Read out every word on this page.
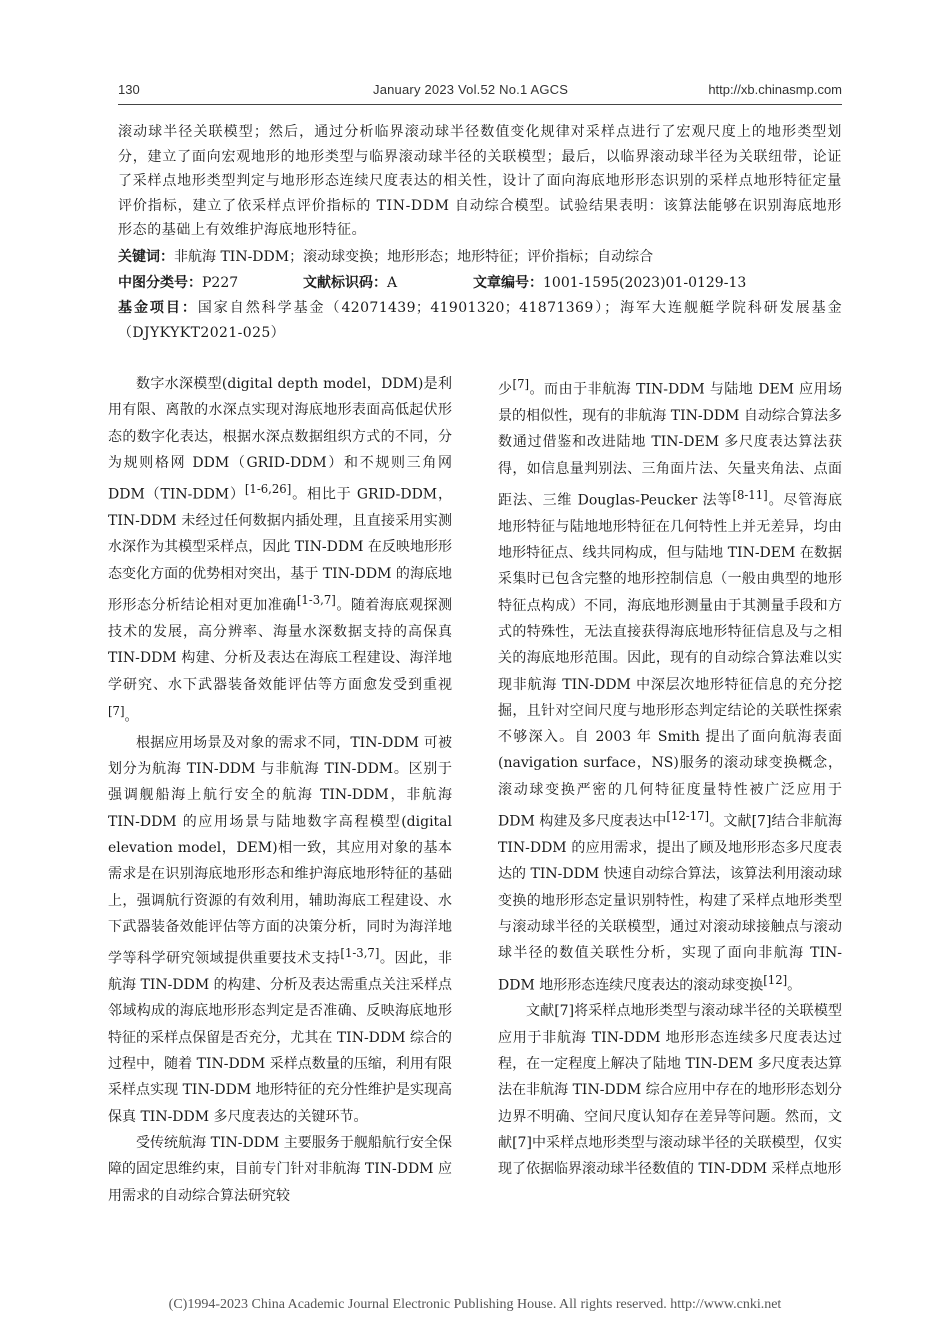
130	January 2023 Vol.52 No.1 AGCS	http://xb.chinasmp.com
滚动球半径关联模型；然后，通过分析临界滚动球半径数值变化规律对采样点进行了宏观尺度上的地形类型划分，建立了面向宏观地形的地形类型与临界滚动球半径的关联模型；最后，以临界滚动球半径为关联纽带，论证了采样点地形类型判定与地形形态连续尺度表达的相关性，设计了面向海底地形形态识别的采样点地形特征定量评价指标，建立了依采样点评价指标的 TIN-DDM 自动综合模型。试验结果表明：该算法能够在识别海底地形形态的基础上有效维护海底地形特征。
关键词：非航海 TIN-DDM；滚动球变换；地形形态；地形特征；评价指标；自动综合
中图分类号： P227	文献标识码： A	文章编号： 1001-1595(2023)01-0129-13
基金项目：国家自然科学基金（42071439；41901320；41871369）；海军大连舰艇学院科研发展基金（DJYKYKT2021-025）

数字水深模型(digital depth model，DDM)是利用有限、离散的水深点实现对海底地形表面高低起伏形态的数字化表达，根据水深点数据组织方式的不同，分为规则格网 DDM（GRID-DDM）和不规则三角网 DDM（TIN-DDM）[1-6,26]。相比于 GRID-DDM，TIN-DDM 未经过任何数据内插处理，且直接采用实测水深作为其模型采样点，因此 TIN-DDM 在反映地形形态变化方面的优势相对突出，基于 TIN-DDM 的海底地形形态分析结论相对更加准确[1-3,7]。随着海底观探测技术的发展，高分辨率、海量水深数据支持的高保真 TIN-DDM 构建、分析及表达在海底工程建设、海洋地学研究、水下武器装备效能评估等方面愈发受到重视[7]。

根据应用场景及对象的需求不同，TIN-DDM 可被划分为航海 TIN-DDM 与非航海 TIN-DDM。区别于强调舰船海上航行安全的航海 TIN-DDM，非航海 TIN-DDM 的应用场景与陆地数字高程模型(digital elevation model，DEM)相一致，其应用对象的基本需求是在识别海底地形形态和维护海底地形特征的基础上，强调航行资源的有效利用，辅助海底工程建设、水下武器装备效能评估等方面的决策分析，同时为海洋地学等科学研究领域提供重要技术支持[1-3,7]。因此，非航海 TIN-DDM 的构建、分析及表达需重点关注采样点邻域构成的海底地形形态判定是否准确、反映海底地形特征的采样点保留是否充分，尤其在 TIN-DDM 综合的过程中，随着 TIN-DDM 采样点数量的压缩，利用有限采样点实现 TIN-DDM 地形特征的充分性维护是实现高保真 TIN-DDM 多尺度表达的关键环节。

受传统航海 TIN-DDM 主要服务于舰船航行安全保障的固定思维约束，目前专门针对非航海 TIN-DDM 应用需求的自动综合算法研究较

少[7]。而由于非航海 TIN-DDM 与陆地 DEM 应用场景的相似性，现有的非航海 TIN-DDM 自动综合算法多数通过借鉴和改进陆地 TIN-DEM 多尺度表达算法获得，如信息量判别法、三角面片法、矢量夹角法、点面距法、三维 Douglas-Peucker 法等[8-11]。尽管海底地形特征与陆地地形特征在几何特性上并无差异，均由地形特征点、线共同构成，但与陆地 TIN-DEM 在数据采集时已包含完整的地形控制信息（一般由典型的地形特征点构成）不同，海底地形测量由于其测量手段和方式的特殊性，无法直接获得海底地形特征信息及与之相关的海底地形范围。因此，现有的自动综合算法难以实现非航海 TIN-DDM 中深层次地形特征信息的充分挖掘，且针对空间尺度与地形形态判定结论的关联性探索不够深入。自 2003 年 Smith 提出了面向航海表面(navigation surface，NS)服务的滚动球变换概念，滚动球变换严密的几何特征度量特性被广泛应用于 DDM 构建及多尺度表达中[12-17]。文献[7]结合非航海 TIN-DDM 的应用需求，提出了顾及地形形态多尺度表达的 TIN-DDM 快速自动综合算法，该算法利用滚动球变换的地形形态定量识别特性，构建了采样点地形类型与滚动球半径的关联模型，通过对滚动球接触点与滚动球半径的数值关联性分析，实现了面向非航海 TIN-DDM 地形形态连续尺度表达的滚动球变换[12]。

文献[7]将采样点地形类型与滚动球半径的关联模型应用于非航海 TIN-DDM 地形形态连续多尺度表达过程，在一定程度上解决了陆地 TIN-DEM 多尺度表达算法在非航海 TIN-DDM 综合应用中存在的地形形态划分边界不明确、空间尺度认知存在差异等问题。然而，文献[7]中采样点地形类型与滚动球半径的关联模型，仅实现了依据临界滚动球半径数值的 TIN-DDM 采样点地形

(C)1994-2023 China Academic Journal Electronic Publishing House. All rights reserved. http://www.cnki.net
